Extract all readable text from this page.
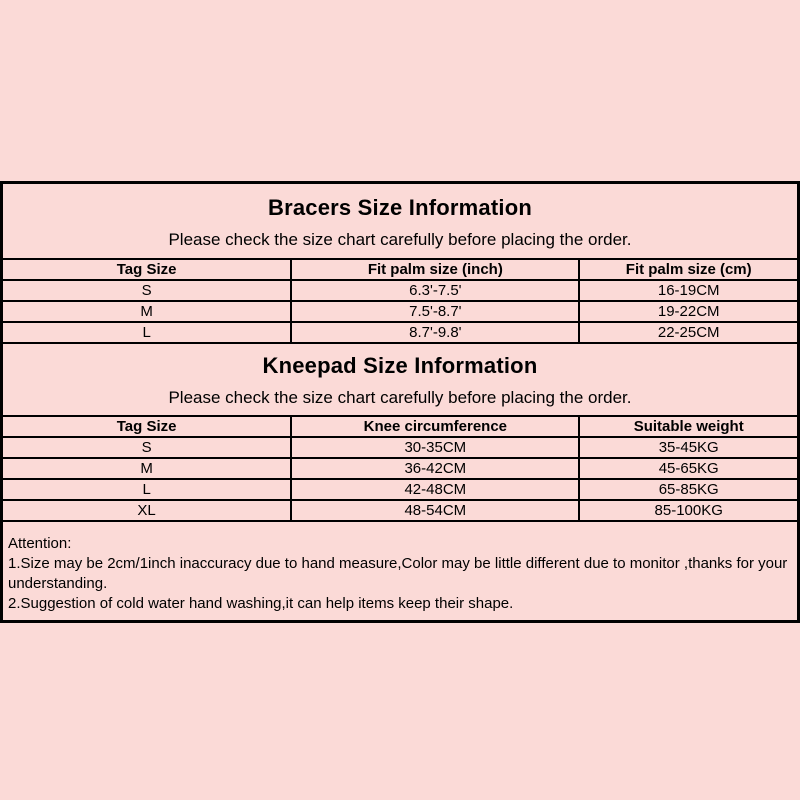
Bracers Size Information

Please check the size chart carefully before placing the order.

Tag Size	Fit palm size (inch)	Fit palm size (cm)
S	6.3'-7.5'	16-19CM
M	7.5'-8.7'	19-22CM
L	8.7'-9.8'	22-25CM
Kneepad Size Information

Please check the size chart carefully before placing the order.

Tag Size	Knee circumference	Suitable weight
S	30-35CM	35-45KG
M	36-42CM	45-65KG
L	42-48CM	65-85KG
XL	48-54CM	85-100KG

Attention:

1.Size may be 2cm/1inch inaccuracy due to hand measure,Color may be little different due to monitor ,thanks for your understanding.

2.Suggestion of cold water hand washing,it can help items keep their shape.
